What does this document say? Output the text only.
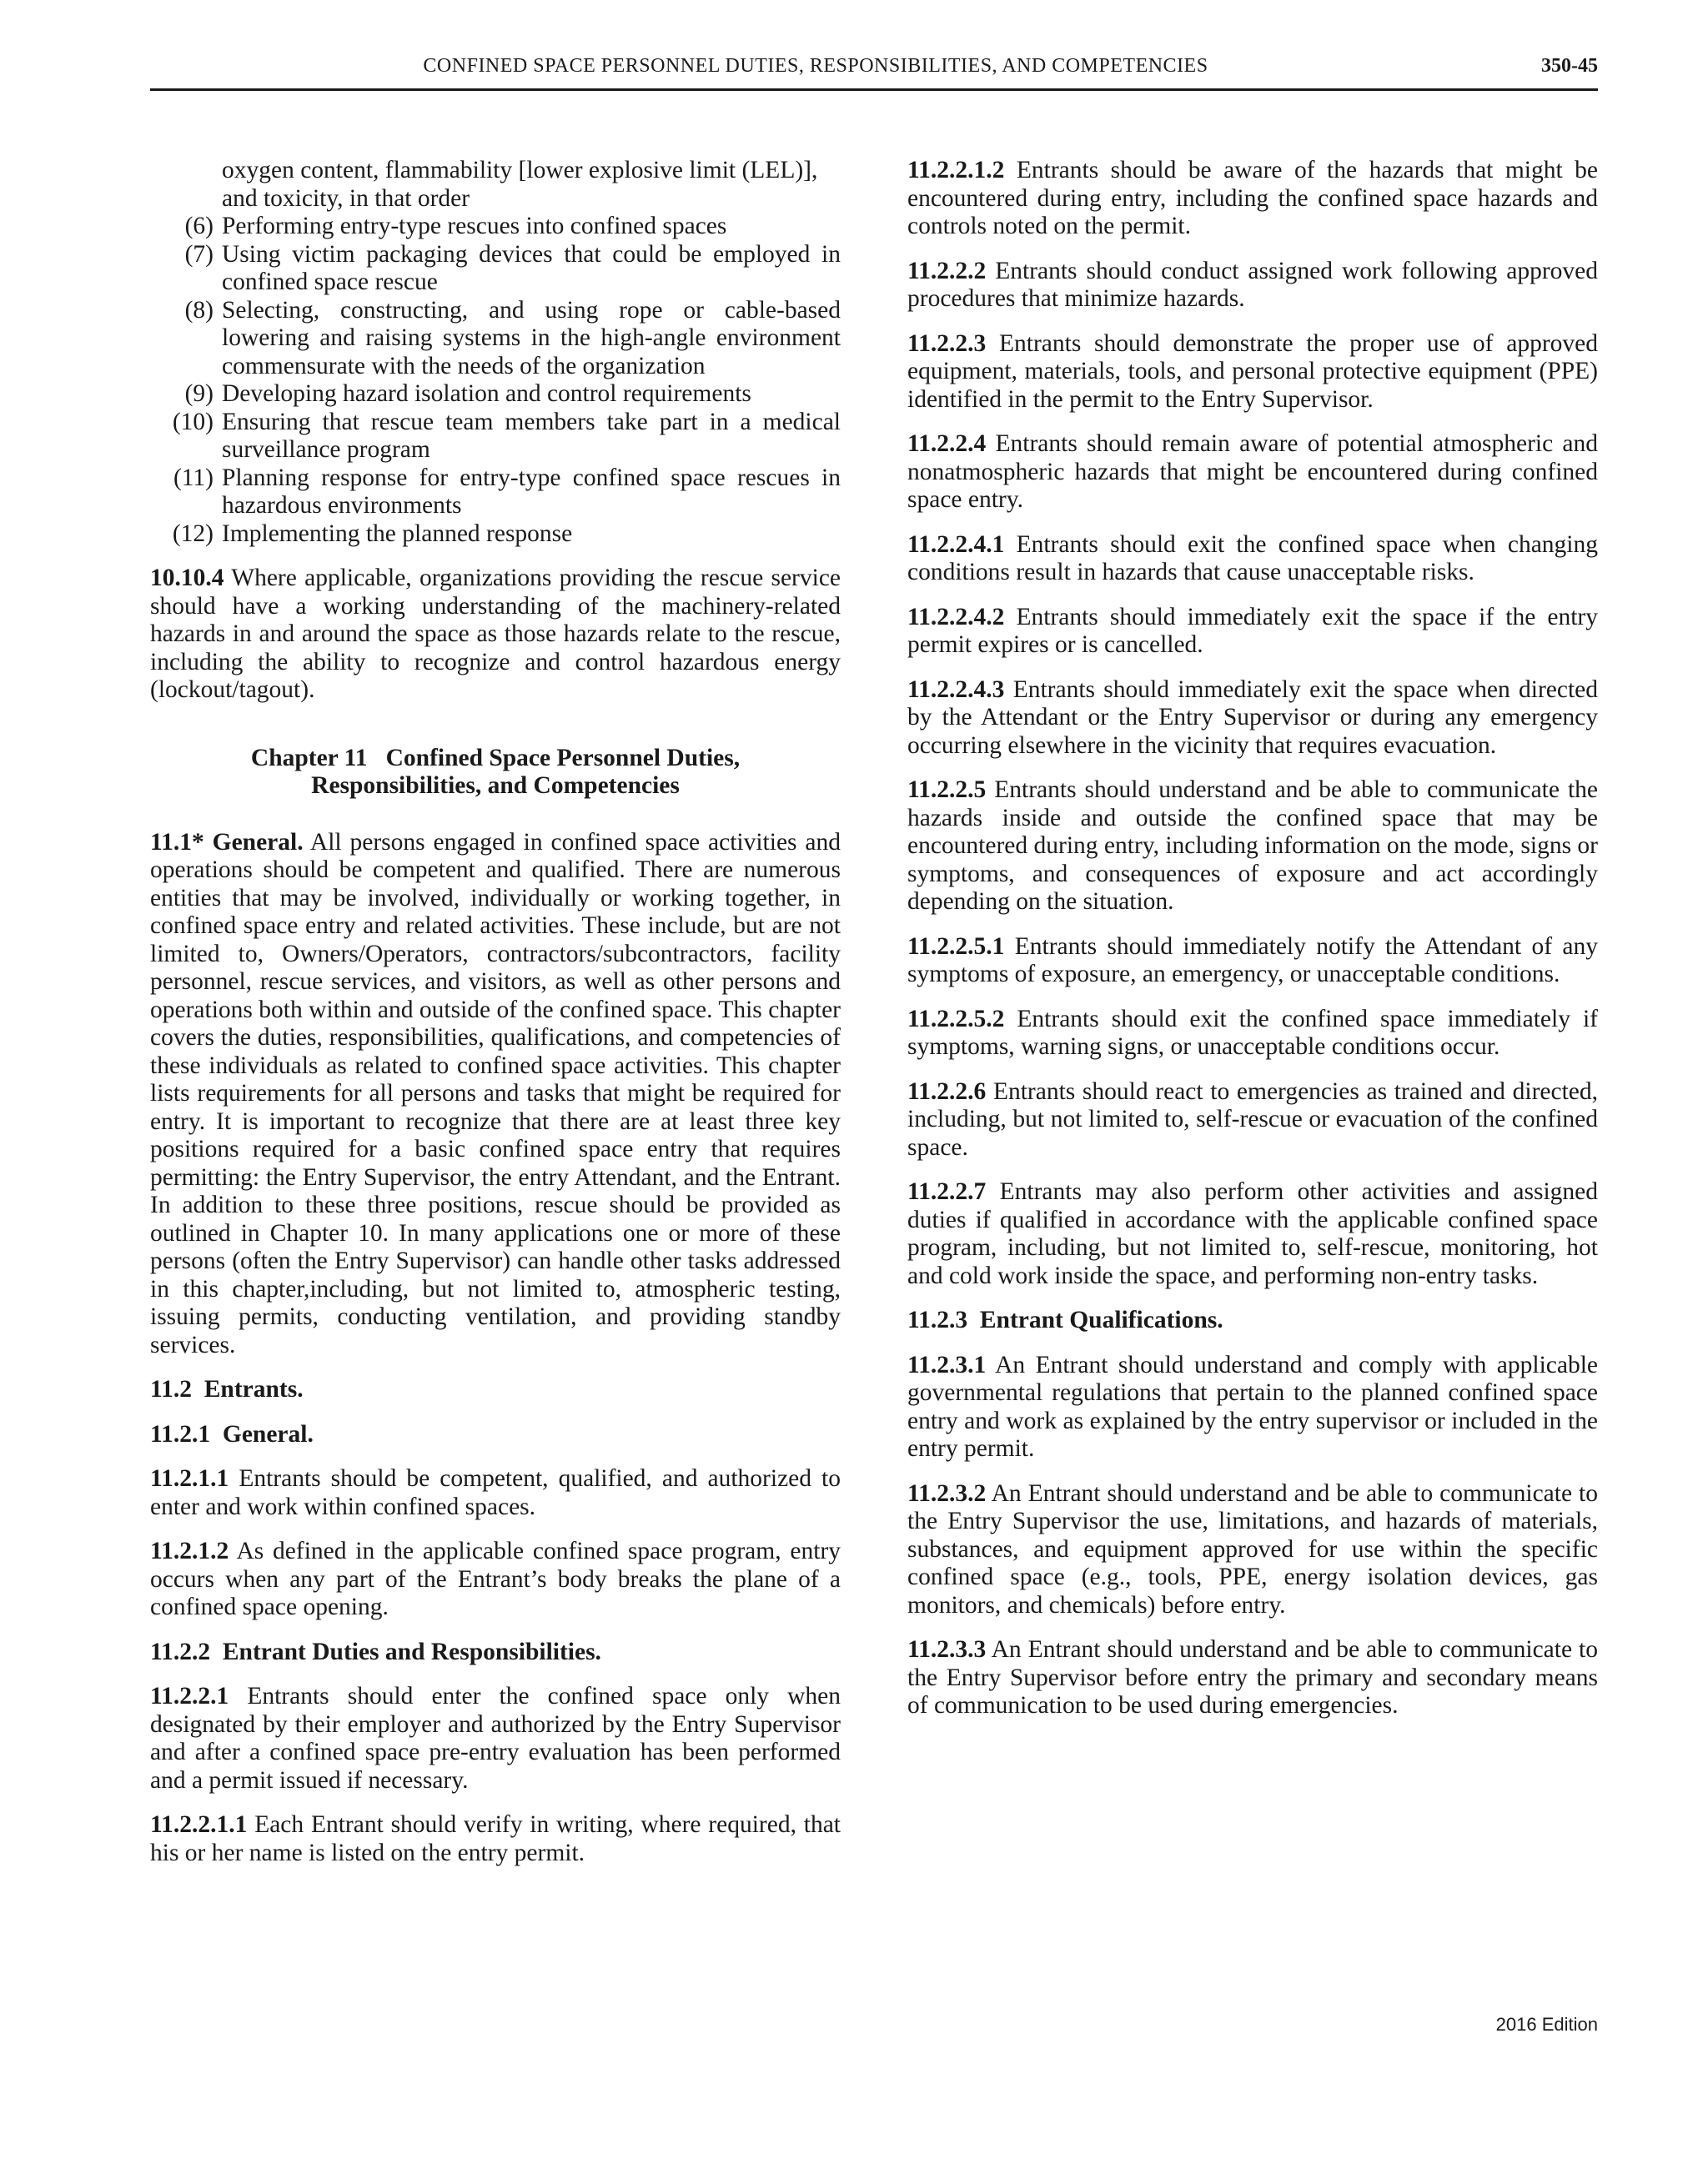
CONFINED SPACE PERSONNEL DUTIES, RESPONSIBILITIES, AND COMPETENCIES	350-45
oxygen content, flammability [lower explosive limit (LEL)], and toxicity, in that order
(6) Performing entry-type rescues into confined spaces
(7) Using victim packaging devices that could be employed in confined space rescue
(8) Selecting, constructing, and using rope or cable-based lowering and raising systems in the high-angle environment commensurate with the needs of the organization
(9) Developing hazard isolation and control requirements
(10) Ensuring that rescue team members take part in a medical surveillance program
(11) Planning response for entry-type confined space rescues in hazardous environments
(12) Implementing the planned response

10.10.4 Where applicable, organizations providing the rescue service should have a working understanding of the machinery-related hazards in and around the space as those hazards relate to the rescue, including the ability to recognize and control hazardous energy (lockout/tagout).

Chapter 11   Confined Space Personnel Duties,
Responsibilities, and Competencies

11.1* General. All persons engaged in confined space activities and operations should be competent and qualified. There are numerous entities that may be involved, individually or working together, in confined space entry and related activities. These include, but are not limited to, Owners/Operators, contractors/subcontractors, facility personnel, rescue services, and visitors, as well as other persons and operations both within and outside of the confined space. This chapter covers the duties, responsibilities, qualifications, and competencies of these individuals as related to confined space activities. This chapter lists requirements for all persons and tasks that might be required for entry. It is important to recognize that there are at least three key positions required for a basic confined space entry that requires permitting: the Entry Supervisor, the entry Attendant, and the Entrant. In addition to these three positions, rescue should be provided as outlined in Chapter 10. In many applications one or more of these persons (often the Entry Supervisor) can handle other tasks addressed in this chapter,including, but not limited to, atmospheric testing, issuing permits, conducting ventilation, and providing standby services.

11.2  Entrants.
11.2.1  General.

11.2.1.1 Entrants should be competent, qualified, and authorized to enter and work within confined spaces.

11.2.1.2 As defined in the applicable confined space program, entry occurs when any part of the Entrant’s body breaks the plane of a confined space opening.

11.2.2  Entrant Duties and Responsibilities.

11.2.2.1 Entrants should enter the confined space only when designated by their employer and authorized by the Entry Supervisor and after a confined space pre-entry evaluation has been performed and a permit issued if necessary.

11.2.2.1.1 Each Entrant should verify in writing, where required, that his or her name is listed on the entry permit.

11.2.2.1.2 Entrants should be aware of the hazards that might be encountered during entry, including the confined space hazards and controls noted on the permit.

11.2.2.2 Entrants should conduct assigned work following approved procedures that minimize hazards.

11.2.2.3 Entrants should demonstrate the proper use of approved equipment, materials, tools, and personal protective equipment (PPE) identified in the permit to the Entry Supervisor.

11.2.2.4 Entrants should remain aware of potential atmospheric and nonatmospheric hazards that might be encountered during confined space entry.

11.2.2.4.1 Entrants should exit the confined space when changing conditions result in hazards that cause unacceptable risks.

11.2.2.4.2 Entrants should immediately exit the space if the entry permit expires or is cancelled.

11.2.2.4.3 Entrants should immediately exit the space when directed by the Attendant or the Entry Supervisor or during any emergency occurring elsewhere in the vicinity that requires evacuation.

11.2.2.5 Entrants should understand and be able to communicate the hazards inside and outside the confined space that may be encountered during entry, including information on the mode, signs or symptoms, and consequences of exposure and act accordingly depending on the situation.

11.2.2.5.1 Entrants should immediately notify the Attendant of any symptoms of exposure, an emergency, or unacceptable conditions.

11.2.2.5.2 Entrants should exit the confined space immediately if symptoms, warning signs, or unacceptable conditions occur.

11.2.2.6 Entrants should react to emergencies as trained and directed, including, but not limited to, self-rescue or evacuation of the confined space.

11.2.2.7 Entrants may also perform other activities and assigned duties if qualified in accordance with the applicable confined space program, including, but not limited to, self-rescue, monitoring, hot and cold work inside the space, and performing non-entry tasks.

11.2.3  Entrant Qualifications.

11.2.3.1 An Entrant should understand and comply with applicable governmental regulations that pertain to the planned confined space entry and work as explained by the entry supervisor or included in the entry permit.

11.2.3.2 An Entrant should understand and be able to communicate to the Entry Supervisor the use, limitations, and hazards of materials, substances, and equipment approved for use within the specific confined space (e.g., tools, PPE, energy isolation devices, gas monitors, and chemicals) before entry.

11.2.3.3 An Entrant should understand and be able to communicate to the Entry Supervisor before entry the primary and secondary means of communication to be used during emergencies.

2016 Edition
